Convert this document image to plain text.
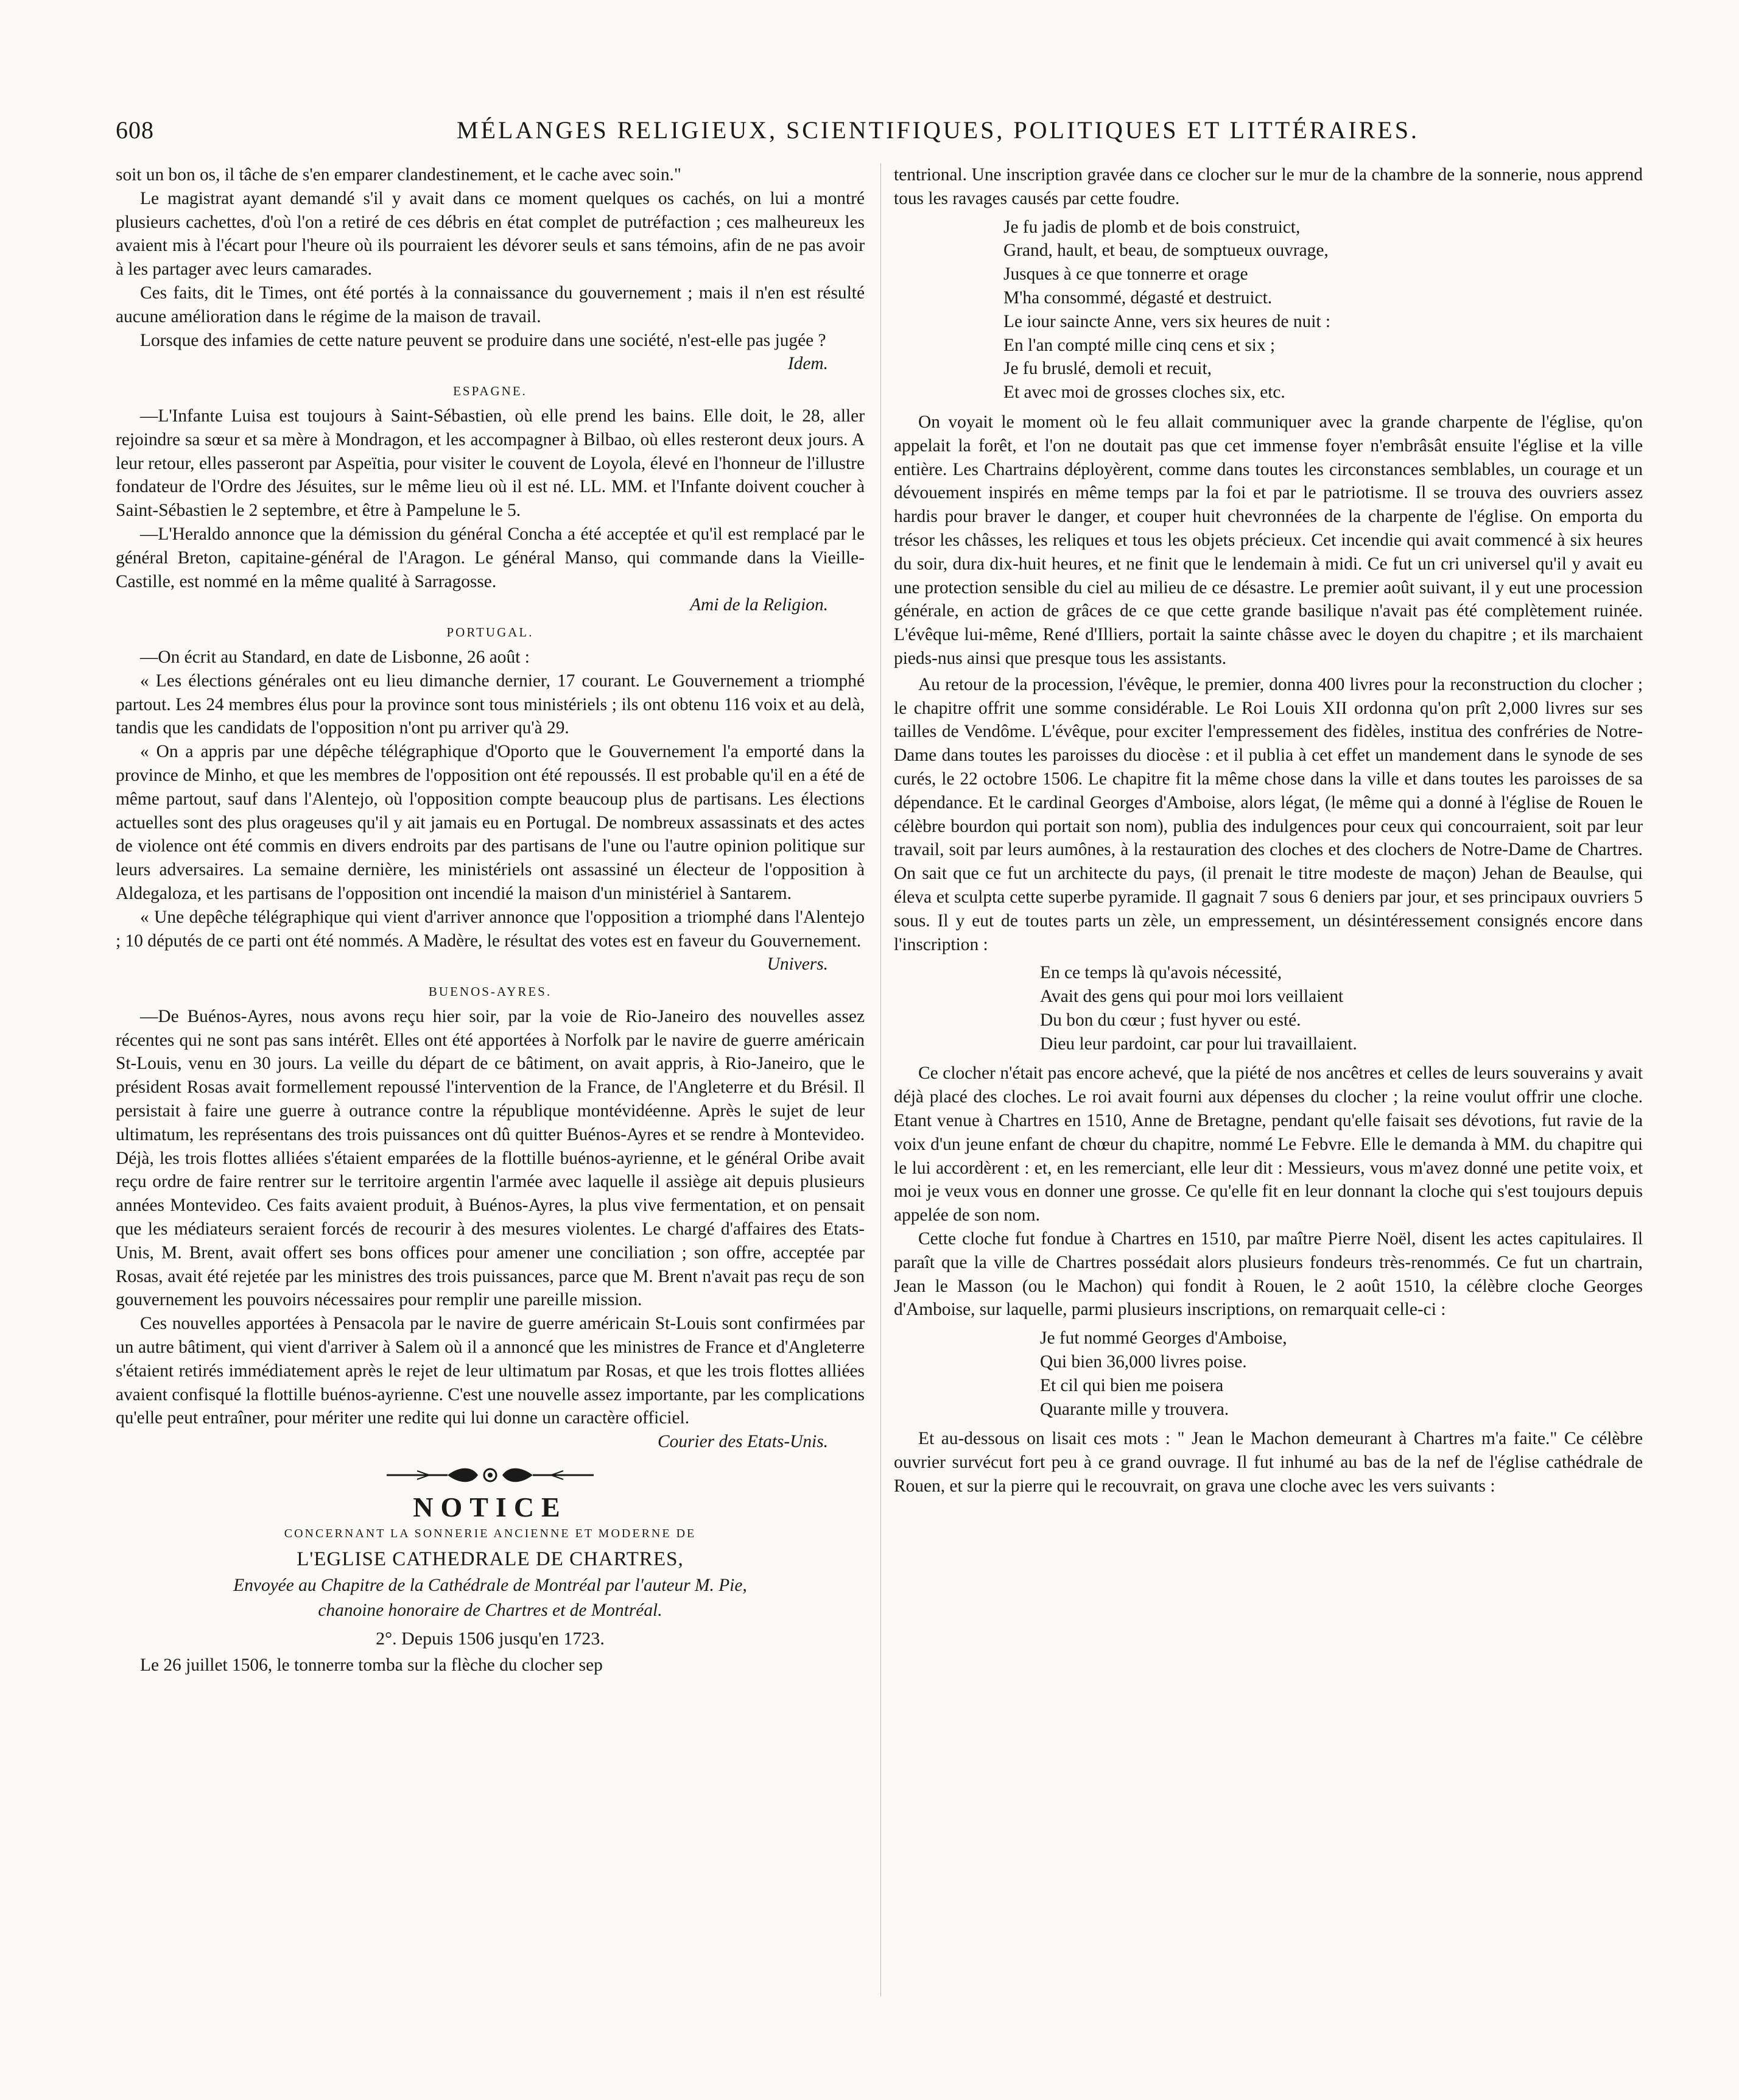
608	MÉLANGES RELIGIEUX, SCIENTIFIQUES, POLITIQUES ET LITTÉRAIRES.

soit un bon os, il tâche de s'en emparer clandestinement, et le cache avec soin."

Le magistrat ayant demandé s'il y avait dans ce moment quelques os cachés, on lui a montré plusieurs cachettes, d'où l'on a retiré de ces débris en état complet de putréfaction ; ces malheureux les avaient mis à l'écart pour l'heure où ils pourraient les dévorer seuls et sans témoins, afin de ne pas avoir à les partager avec leurs camarades.

Ces faits, dit le Times, ont été portés à la connaissance du gouvernement ; mais il n'en est résulté aucune amélioration dans le régime de la maison de travail.

Lorsque des infamies de cette nature peuvent se produire dans une société, n'est-elle pas jugée ?

Idem.

ESPAGNE.

—L'Infante Luisa est toujours à Saint-Sébastien, où elle prend les bains. Elle doit, le 28, aller rejoindre sa sœur et sa mère à Mondragon, et les accompagner à Bilbao, où elles resteront deux jours. A leur retour, elles passeront par Aspeïtia, pour visiter le couvent de Loyola, élevé en l'honneur de l'illustre fondateur de l'Ordre des Jésuites, sur le même lieu où il est né. LL. MM. et l'Infante doivent coucher à Saint-Sébastien le 2 septembre, et être à Pampelune le 5.

—L'Heraldo annonce que la démission du général Concha a été acceptée et qu'il est remplacé par le général Breton, capitaine-général de l'Aragon. Le général Manso, qui commande dans la Vieille-Castille, est nommé en la même qualité à Sarragosse.

Ami de la Religion.

PORTUGAL.

—On écrit au Standard, en date de Lisbonne, 26 août :

« Les élections générales ont eu lieu dimanche dernier, 17 courant. Le Gouvernement a triomphé partout. Les 24 membres élus pour la province sont tous ministériels ; ils ont obtenu 116 voix et au delà, tandis que les candidats de l'opposition n'ont pu arriver qu'à 29.

« On a appris par une dépêche télégraphique d'Oporto que le Gouvernement l'a emporté dans la province de Minho, et que les membres de l'opposition ont été repoussés. Il est probable qu'il en a été de même partout, sauf dans l'Alentejo, où l'opposition compte beaucoup plus de partisans. Les élections actuelles sont des plus orageuses qu'il y ait jamais eu en Portugal. De nombreux assassinats et des actes de violence ont été commis en divers endroits par des partisans de l'une ou l'autre opinion politique sur leurs adversaires. La semaine dernière, les ministériels ont assassiné un électeur de l'opposition à Aldegaloza, et les partisans de l'opposition ont incendié la maison d'un ministériel à Santarem.

« Une depêche télégraphique qui vient d'arriver annonce que l'opposition a triomphé dans l'Alentejo ; 10 députés de ce parti ont été nommés. A Madère, le résultat des votes est en faveur du Gouvernement.

Univers.

BUENOS-AYRES.

—De Buénos-Ayres, nous avons reçu hier soir, par la voie de Rio-Janeiro des nouvelles assez récentes qui ne sont pas sans intérêt. Elles ont été apportées à Norfolk par le navire de guerre américain St-Louis, venu en 30 jours. La veille du départ de ce bâtiment, on avait appris, à Rio-Janeiro, que le président Rosas avait formellement repoussé l'intervention de la France, de l'Angleterre et du Brésil. Il persistait à faire une guerre à outrance contre la république montévidéenne. Après le sujet de leur ultimatum, les représentans des trois puissances ont dû quitter Buénos-Ayres et se rendre à Montevideo. Déjà, les trois flottes alliées s'étaient emparées de la flottille buénos-ayrienne, et le général Oribe avait reçu ordre de faire rentrer sur le territoire argentin l'armée avec laquelle il assiège ait depuis plusieurs années Montevideo. Ces faits avaient produit, à Buénos-Ayres, la plus vive fermentation, et on pensait que les médiateurs seraient forcés de recourir à des mesures violentes. Le chargé d'affaires des Etats-Unis, M. Brent, avait offert ses bons offices pour amener une conciliation ; son offre, acceptée par Rosas, avait été rejetée par les ministres des trois puissances, parce que M. Brent n'avait pas reçu de son gouvernement les pouvoirs nécessaires pour remplir une pareille mission.

Ces nouvelles apportées à Pensacola par le navire de guerre américain St-Louis sont confirmées par un autre bâtiment, qui vient d'arriver à Salem où il a annoncé que les ministres de France et d'Angleterre s'étaient retirés immédiatement après le rejet de leur ultimatum par Rosas, et que les trois flottes alliées avaient confisqué la flottille buénos-ayrienne. C'est une nouvelle assez importante, par les complications qu'elle peut entraîner, pour mériter une redite qui lui donne un caractère officiel.

Courier des Etats-Unis.

NOTICE
CONCERNANT LA SONNERIE ANCIENNE ET MODERNE DE
L'EGLISE CATHEDRALE DE CHARTRES,
Envoyée au Chapitre de la Cathédrale de Montréal par l'auteur M. Pie,
chanoine honoraire de Chartres et de Montréal.
2°. Depuis 1506 jusqu'en 1723.

Le 26 juillet 1506, le tonnerre tomba sur la flèche du clocher sep

tentrional. Une inscription gravée dans ce clocher sur le mur de la chambre de la sonnerie, nous apprend tous les ravages causés par cette foudre.

Je fu jadis de plomb et de bois construict,
Grand, hault, et beau, de somptueux ouvrage,
Jusques à ce que tonnerre et orage
M'ha consommé, dégasté et destruict.
Le iour saincte Anne, vers six heures de nuit :
En l'an compté mille cinq cens et six ;
Je fu bruslé, demoli et recuit,
Et avec moi de grosses cloches six, etc.

On voyait le moment où le feu allait communiquer avec la grande charpente de l'église, qu'on appelait la forêt, et l'on ne doutait pas que cet immense foyer n'embrâsât ensuite l'église et la ville entière. Les Chartrains déployèrent, comme dans toutes les circonstances semblables, un courage et un dévouement inspirés en même temps par la foi et par le patriotisme. Il se trouva des ouvriers assez hardis pour braver le danger, et couper huit chevronnées de la charpente de l'église. On emporta du trésor les châsses, les reliques et tous les objets précieux. Cet incendie qui avait commencé à six heures du soir, dura dix-huit heures, et ne finit que le lendemain à midi. Ce fut un cri universel qu'il y avait eu une protection sensible du ciel au milieu de ce désastre. Le premier août suivant, il y eut une procession générale, en action de grâces de ce que cette grande basilique n'avait pas été complètement ruinée. L'évêque lui-même, René d'Illiers, portait la sainte châsse avec le doyen du chapitre ; et ils marchaient pieds-nus ainsi que presque tous les assistants.

Au retour de la procession, l'évêque, le premier, donna 400 livres pour la reconstruction du clocher ; le chapitre offrit une somme considérable. Le Roi Louis XII ordonna qu'on prît 2,000 livres sur ses tailles de Vendôme. L'évêque, pour exciter l'empressement des fidèles, institua des confréries de Notre-Dame dans toutes les paroisses du diocèse : et il publia à cet effet un mandement dans le synode de ses curés, le 22 octobre 1506. Le chapitre fit la même chose dans la ville et dans toutes les paroisses de sa dépendance. Et le cardinal Georges d'Amboise, alors légat, (le même qui a donné à l'église de Rouen le célèbre bourdon qui portait son nom), publia des indulgences pour ceux qui concourraient, soit par leur travail, soit par leurs aumônes, à la restauration des cloches et des clochers de Notre-Dame de Chartres. On sait que ce fut un architecte du pays, (il prenait le titre modeste de maçon) Jehan de Beaulse, qui éleva et sculpta cette superbe pyramide. Il gagnait 7 sous 6 deniers par jour, et ses principaux ouvriers 5 sous. Il y eut de toutes parts un zèle, un empressement, un désintéressement consignés encore dans l'inscription :

En ce temps là qu'avois nécessité,
Avait des gens qui pour moi lors veillaient
Du bon du cœur ; fust hyver ou esté.
Dieu leur pardoint, car pour lui travaillaient.

Ce clocher n'était pas encore achevé, que la piété de nos ancêtres et celles de leurs souverains y avait déjà placé des cloches. Le roi avait fourni aux dépenses du clocher ; la reine voulut offrir une cloche. Etant venue à Chartres en 1510, Anne de Bretagne, pendant qu'elle faisait ses dévotions, fut ravie de la voix d'un jeune enfant de chœur du chapitre, nommé Le Febvre. Elle le demanda à MM. du chapitre qui le lui accordèrent : et, en les remerciant, elle leur dit : Messieurs, vous m'avez donné une petite voix, et moi je veux vous en donner une grosse. Ce qu'elle fit en leur donnant la cloche qui s'est toujours depuis appelée de son nom.

Cette cloche fut fondue à Chartres en 1510, par maître Pierre Noël, disent les actes capitulaires. Il paraît que la ville de Chartres possédait alors plusieurs fondeurs très-renommés. Ce fut un chartrain, Jean le Masson (ou le Machon) qui fondit à Rouen, le 2 août 1510, la célèbre cloche Georges d'Amboise, sur laquelle, parmi plusieurs inscriptions, on remarquait celle-ci :

Je fut nommé Georges d'Amboise,
Qui bien 36,000 livres poise.
Et cil qui bien me poisera
Quarante mille y trouvera.

Et au-dessous on lisait ces mots : " Jean le Machon demeurant à Chartres m'a faite." Ce célèbre ouvrier survécut fort peu à ce grand ouvrage. Il fut inhumé au bas de la nef de l'église cathédrale de Rouen, et sur la pierre qui le recouvrait, on grava une cloche avec les vers suivants :
